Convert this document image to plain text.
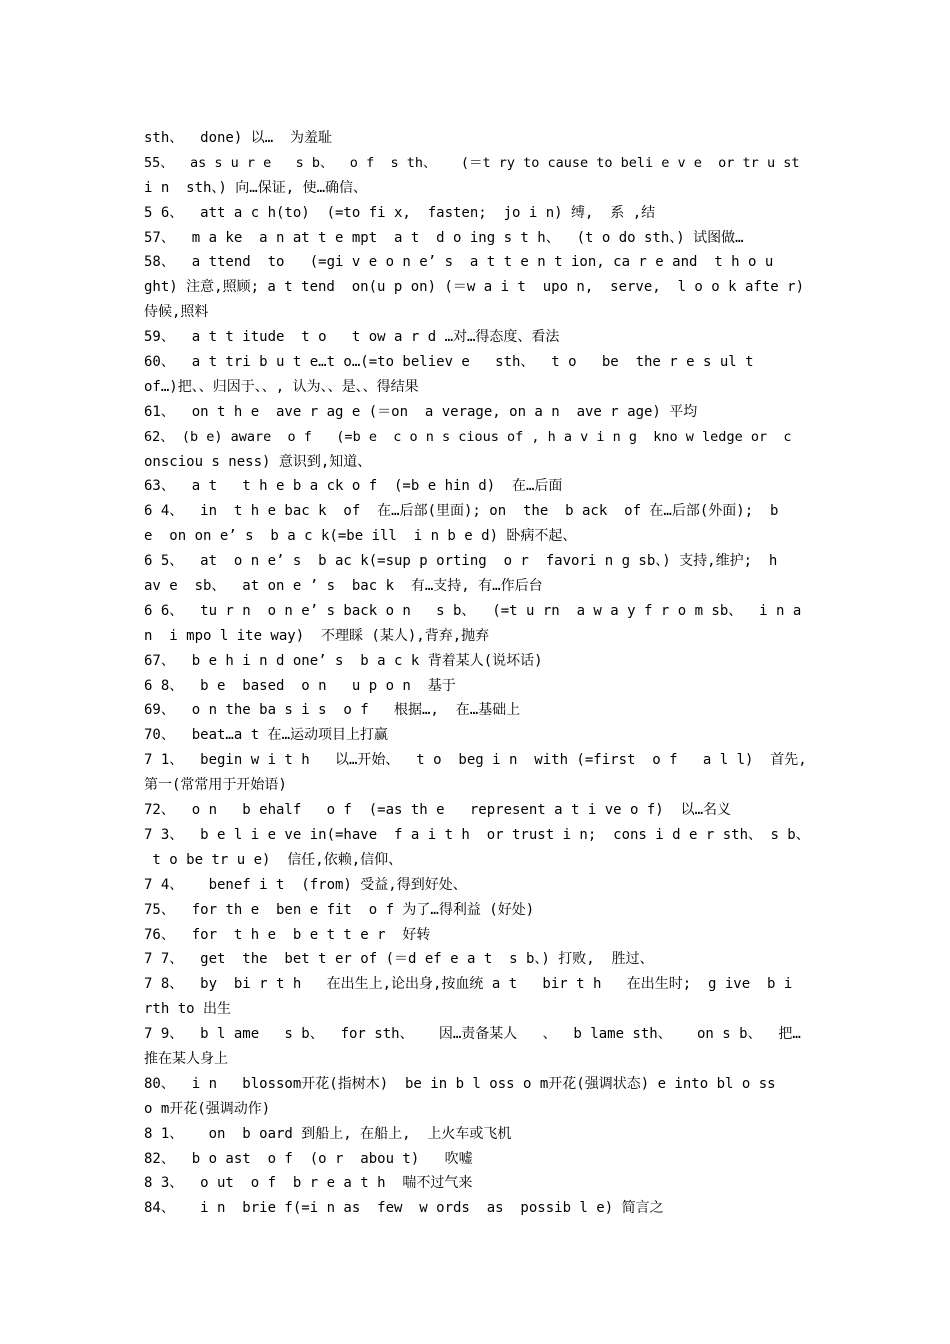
sth、  done) 以…  为羞耻
55、  as s u r e   s b、  o f  s th、   (＝t ry to cause to beli e v e  or tr u st
i n  sth、) 向…保证, 使…确信、
5 6、  att a c h(to)  (=to fi x,  fasten;  jo i n) 缚,  系 ,结
57、  m a ke  a n at t e mpt  a t  d o ing s t h、  (t o do sth、) 试图做…
58、  a ttend  to   (=gi v e o n e’ s  a t t e n t ion, ca r e and  t h o u
ght) 注意,照顾; a t tend  on(u p on) (＝w a i t  upo n,  serve,  l o o k afte r)
侍候,照料
59、  a t t itude  t o   t ow a r d …对…得态度、看法
60、  a t tri b u t e…t o…(=to believ e   sth、  t o   be  the r e s ul t
of…)把、、归因于、、, 认为、、是、、得结果
61、  on t h e  ave r ag e (＝on  a verage, on a n  ave r age) 平均
62、 (b e) aware  o f   (=b e  c o n s cious of , h a v i n g  kno w ledge or  c
onsciou s ness) 意识到,知道、
63、  a t   t h e b a ck o f  (=b e hin d)  在…后面
6 4、  in  t h e bac k  of  在…后部(里面); on  the  b ack  of 在…后部(外面);  b
e  on on e’ s  b a c k(=be ill  i n b e d) 卧病不起、
6 5、  at  o n e’ s  b ac k(=sup p orting  o r  favori n g sb、) 支持,维护;  h
av e  sb、  at on e ’ s  bac k  有…支持, 有…作后台
6 6、  tu r n  o n e’ s back o n   s b、  (=t u rn  a w a y f r o m sb、  i n a
n  i mpo l ite way)  不理睬 (某人),背弃,抛弃
67、  b e h i n d one’ s  b a c k 背着某人(说坏话)
6 8、  b e  based  o n   u p o n  基于
69、  o n the ba s i s  o f   根据…,  在…基础上
70、  beat…a t 在…运动项目上打赢
7 1、  begin w i t h   以…开始、  t o  beg i n  with (=first  o f   a l l)  首先,
第一(常常用于开始语)
72、  o n   b ehalf   o f  (=as th e   represent a t i ve o f)  以…名义
7 3、  b e l i e ve in(=have  f a i t h  or trust i n;  cons i d e r sth、 s b、
t o be tr u e)  信任,依赖,信仰、
7 4、   benef i t  (from) 受益,得到好处、
75、  for th e  ben e fit  o f 为了…得利益 (好处)
76、  for  t h e  b e t t e r  好转
7 7、  get  the  bet t er of (＝d ef e a t  s b、) 打败,  胜过、
7 8、  by  bi r t h   在出生上,论出身,按血统 a t   bir t h   在出生时;  g ive  b i
rth to 出生
7 9、  b l ame   s b、  for sth、   因…责备某人   、  b lame sth、   on s b、  把…
推在某人身上
80、  i n   blossom开花(指树木)  be in b l oss o m开花(强调状态) e into bl o ss
o m开花(强调动作)
8 1、   on  b oard 到船上, 在船上,  上火车或飞机
82、  b o ast  o f  (o r  abou t)   吹嘘
8 3、  o ut  o f  b r e a t h  喘不过气来
84、   i n  brie f(=i n as  few  w ords  as  possib l e) 简言之
